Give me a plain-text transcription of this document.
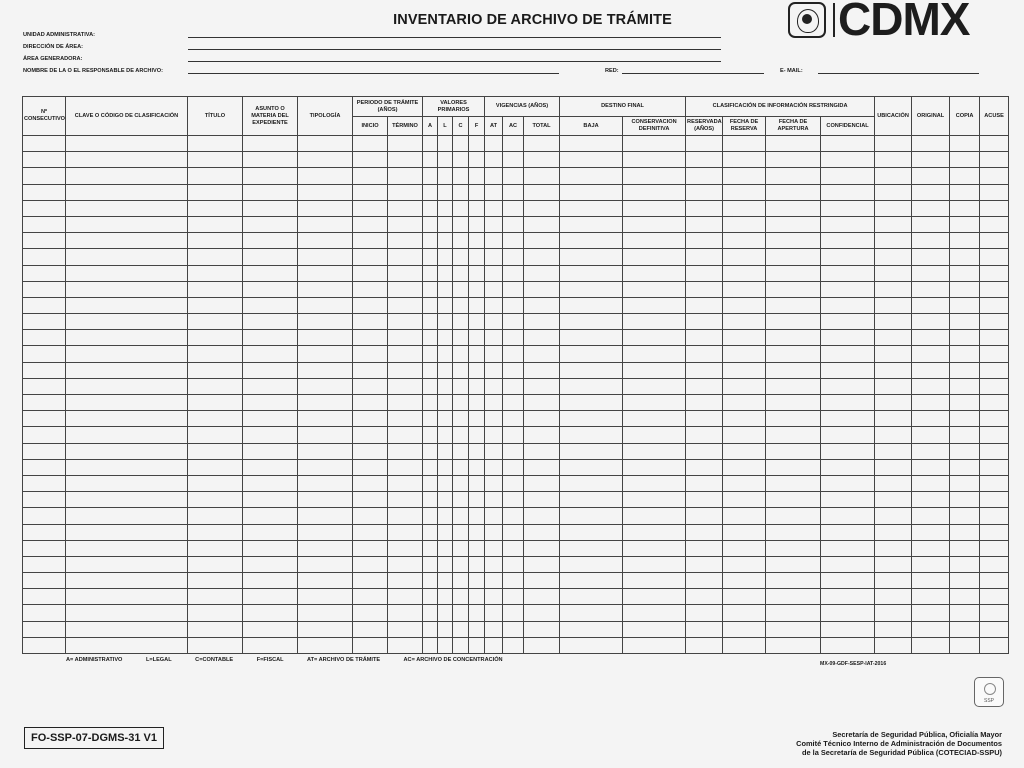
INVENTARIO DE ARCHIVO DE TRÁMITE	CDMX
UNIDAD ADMINISTRATIVA:
DIRECCIÓN DE ÁREA:
ÁREA GENERADORA:
NOMBRE DE LA O EL RESPONSABLE DE ARCHIVO:	RED:	E- MAIL:
Nº CONSECUTIVO	CLAVE O CÓDIGO DE CLASIFICACIÓN	TÍTULO	ASUNTO O MATERIA DEL EXPEDIENTE	TIPOLOGÍA	PERIODO DE TRÁMITE (AÑOS)		VALORES PRIMARIOS				VIGENCIAS (AÑOS)			DESTINO FINAL		CLASIFICACIÓN DE INFORMACIÓN RESTRINGIDA				UBICACIÓN	ORIGINAL	COPIA	ACUSE
					INICIO	TÉRMINO	A	L	C	F	AT	AC	TOTAL	BAJA	CONSERVACION DEFINITIVA	RESERVADA (AÑOS)	FECHA DE RESERVA	FECHA DE APERTURA	CONFIDENCIAL				

A= ADMINISTRATIVO	L=LEGAL	C=CONTABLE	F=FISCAL	AT= ARCHIVO DE TRÁMITE	AC= ARCHIVO DE CONCENTRACIÓN
MX-09-GDF-SESP-IAT-2016
SSP
FO-SSP-07-DGMS-31 V1	Secretaría de Seguridad Pública, Oficialía Mayor
Comité Técnico Interno de Administración de Documentos
de la Secretaría de Seguridad Pública (COTECIAD-SSPU)
